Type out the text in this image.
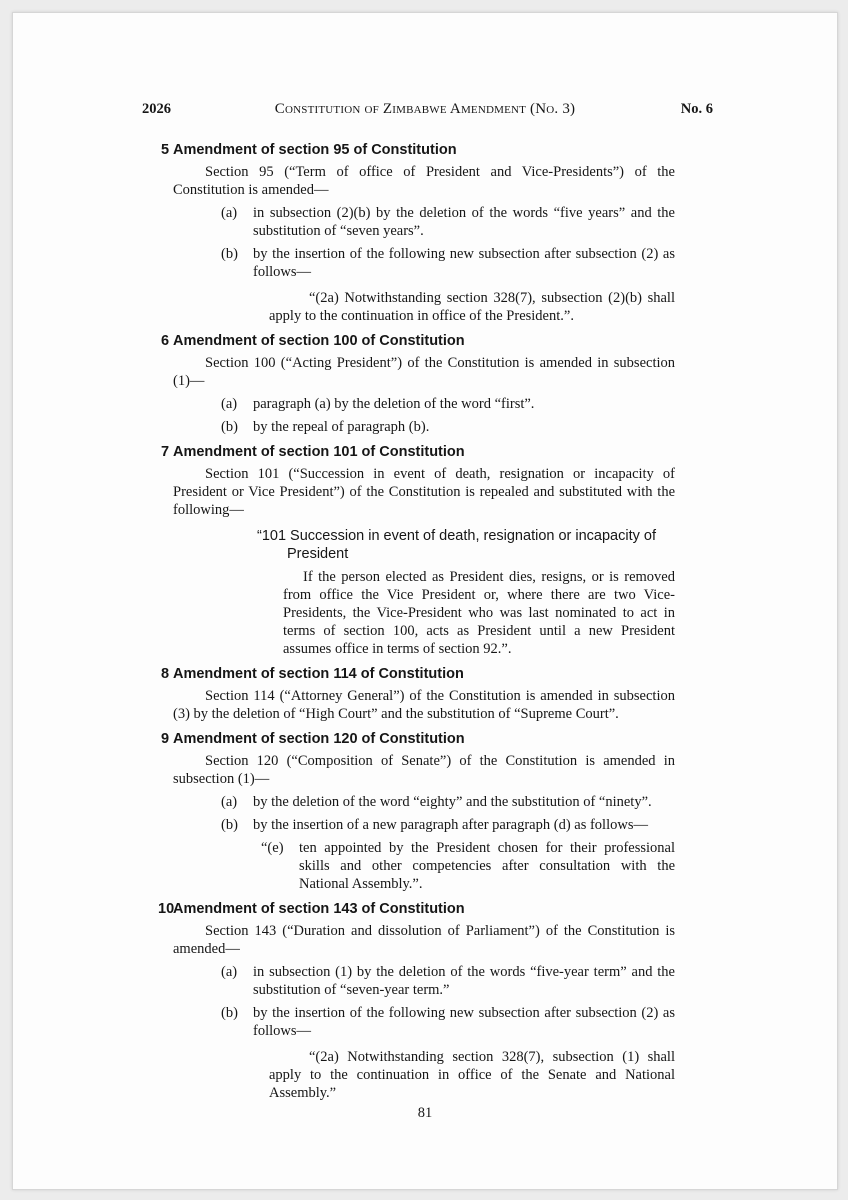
2026	Constitution of Zimbabwe Amendment (No. 3)	No. 6
5 Amendment of section 95 of Constitution

Section 95 (“Term of office of President and Vice-Presidents”) of the Constitution is amended—

(a) in subsection (2)(b) by the deletion of the words “five years” and the substitution of “seven years”.
(b) by the insertion of the following new subsection after subsection (2) as follows—

“(2a) Notwithstanding section 328(7), subsection (2)(b) shall apply to the continuation in office of the President.”.

6 Amendment of section 100 of Constitution

Section 100 (“Acting President”) of the Constitution is amended in subsection (1)—

(a) paragraph (a) by the deletion of the word “first”.
(b) by the repeal of paragraph (b).
7 Amendment of section 101 of Constitution

Section 101 (“Succession in event of death, resignation or incapacity of President or Vice President”) of the Constitution is repealed and substituted with the following—

“101 Succession in event of death, resignation or incapacity of
President

If the person elected as President dies, resigns, or is removed from office the Vice President or, where there are two Vice-Presidents, the Vice-President who was last nominated to act in terms of section 100, acts as President until a new President assumes office in terms of section 92.”.

8 Amendment of section 114 of Constitution

Section 114 (“Attorney General”) of the Constitution is amended in subsection (3) by the deletion of “High Court” and the substitution of “Supreme Court”.

9 Amendment of section 120 of Constitution

Section 120 (“Composition of Senate”) of the Constitution is amended in subsection (1)—

(a) by the deletion of the word “eighty” and the substitution of “ninety”.
(b) by the insertion of a new paragraph after paragraph (d) as follows—
“(e) ten appointed by the President chosen for their professional skills and other competencies after consultation with the National Assembly.”.
10
Amendment of section 143 of Constitution

Section 143 (“Duration and dissolution of Parliament”) of the Constitution is amended—

(a) in subsection (1) by the deletion of the words “five-year term” and the substitution of “seven-year term.”
(b) by the insertion of the following new subsection after subsection (2) as follows—

“(2a) Notwithstanding section 328(7), subsection (1) shall apply to the continuation in office of the Senate and National Assembly.”

81
